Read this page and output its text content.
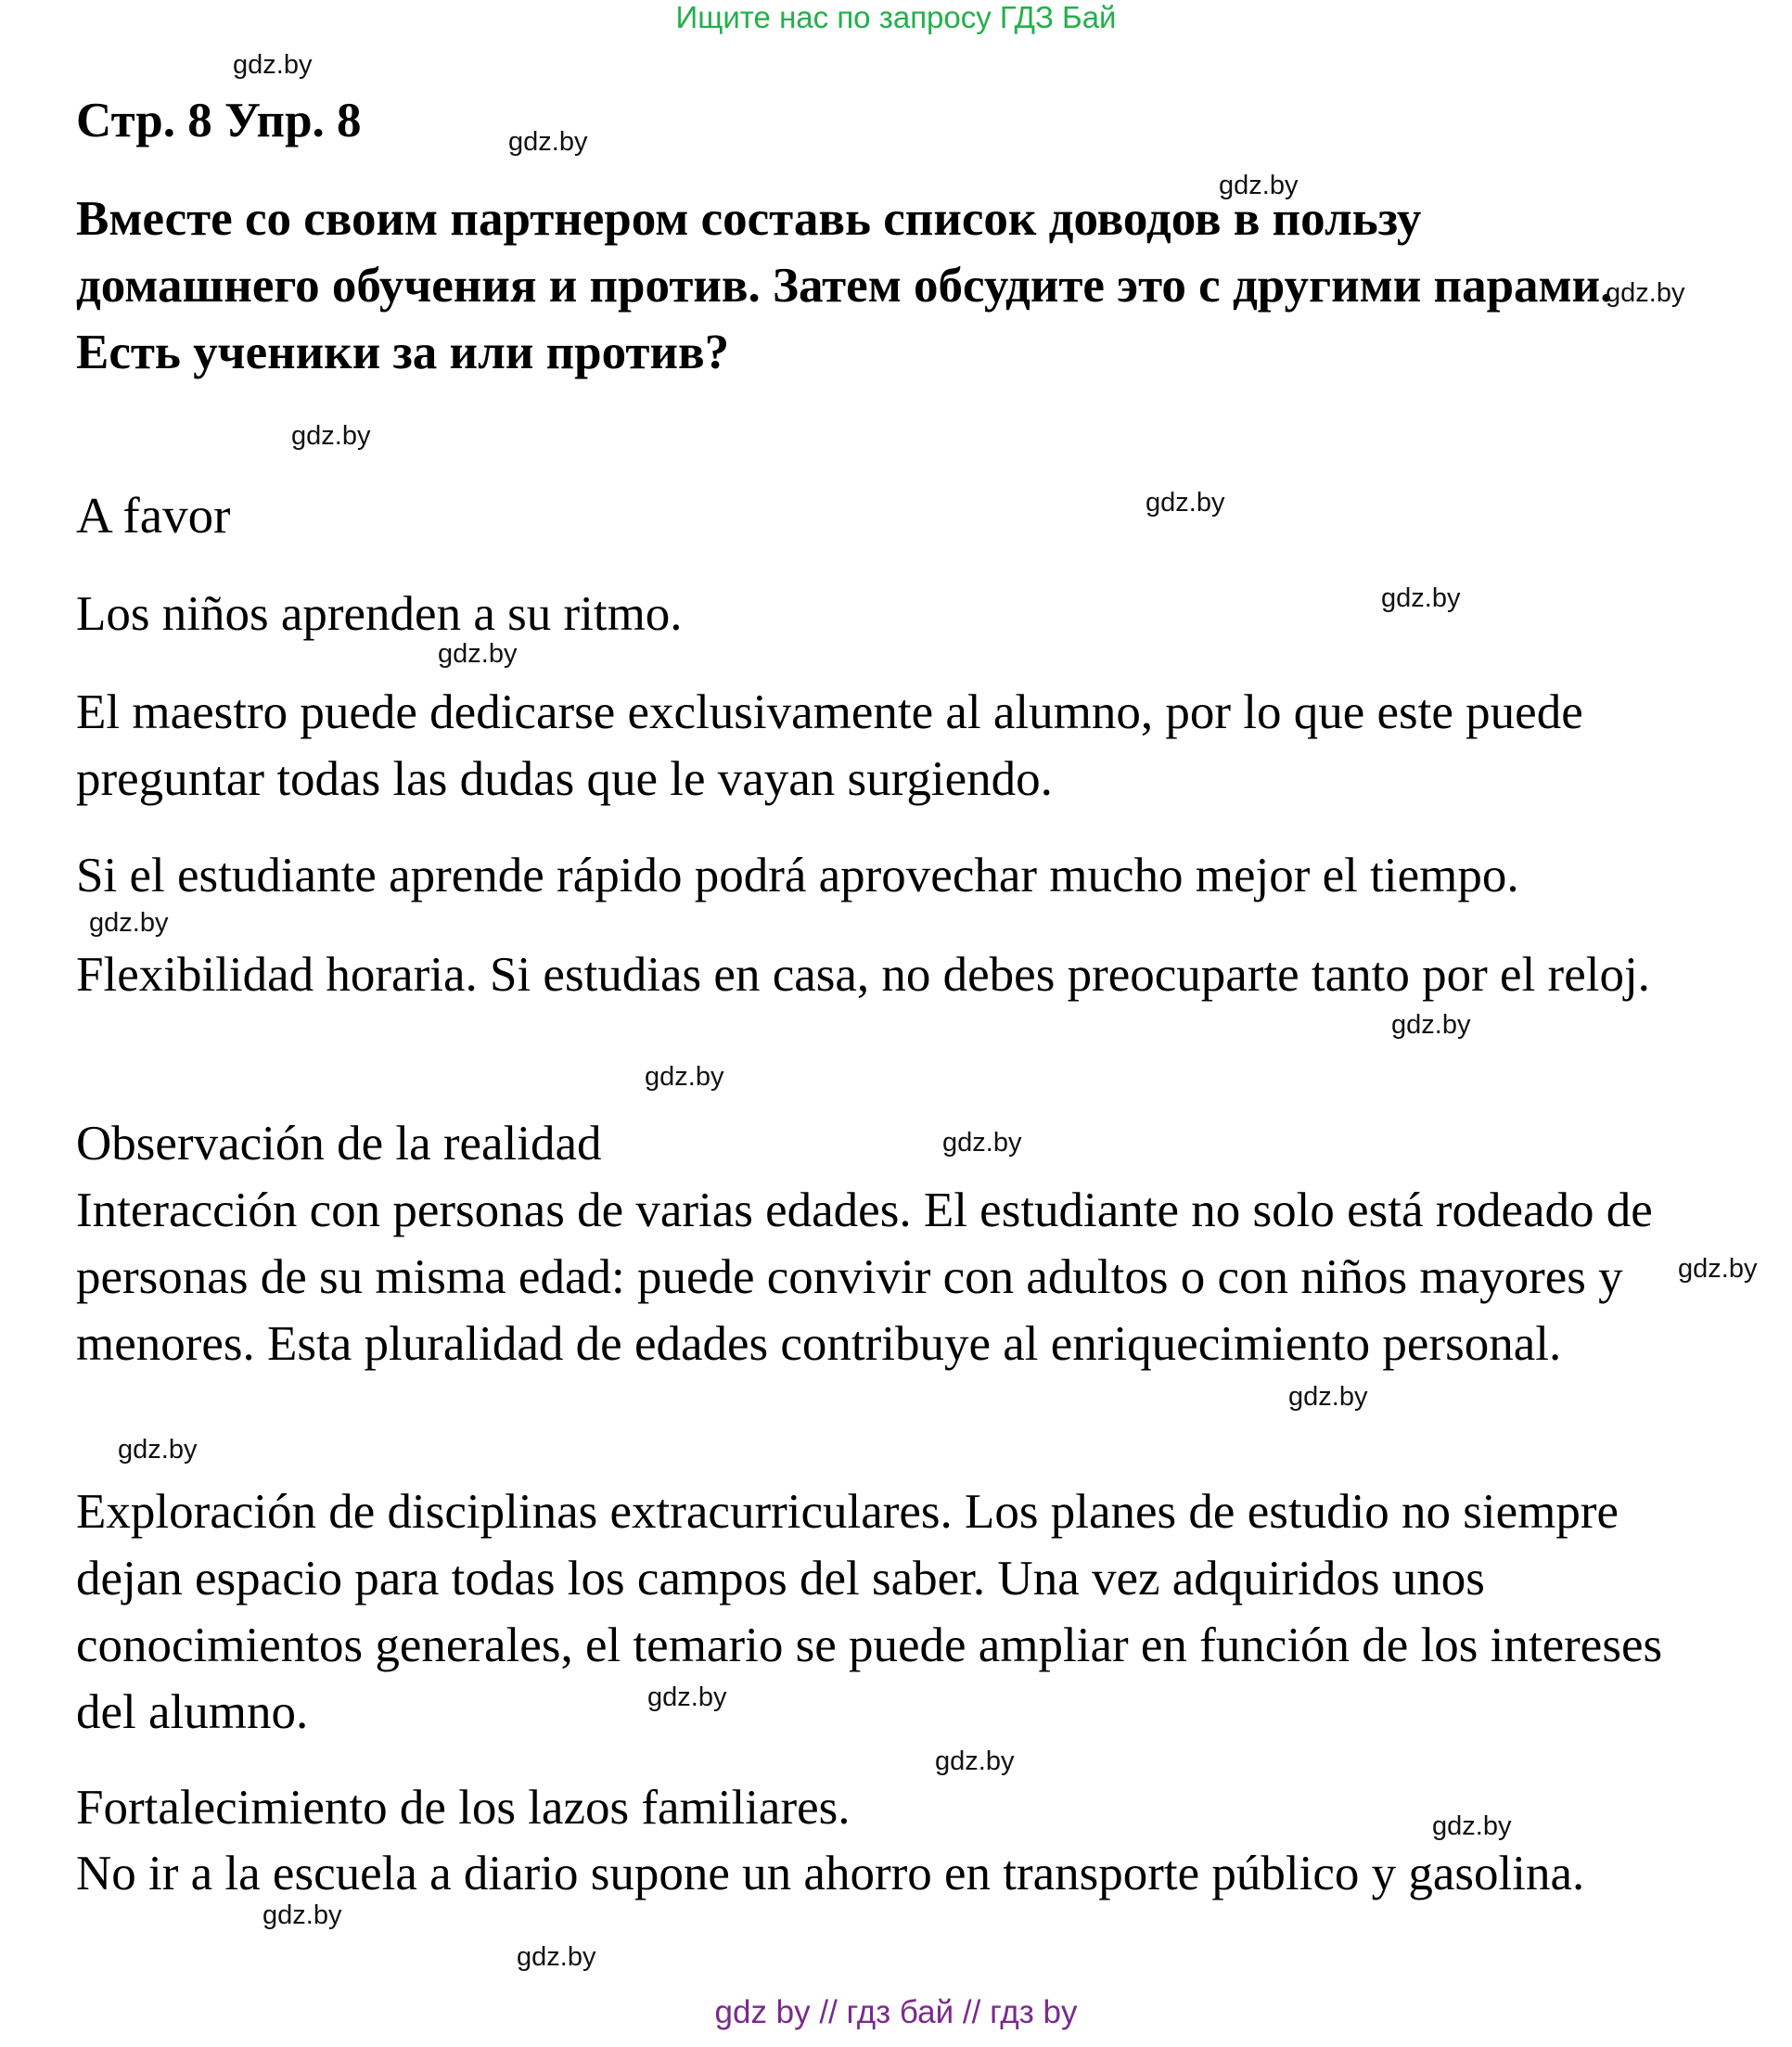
Ищите нас по запросу ГДЗ Бай
Стр. 8 Упр. 8

Вместе со своим партнером составь список доводов в пользу домашнего обучения и против. Затем обсудите это с другими парами. Есть ученики за или против?

A favor

Los niños aprenden a su ritmo.

El maestro puede dedicarse exclusivamente al alumno, por lo que este puede preguntar todas las dudas que le vayan surgiendo.

Si el estudiante aprende rápido podrá aprovechar mucho mejor el tiempo.

Flexibilidad horaria. Si estudias en casa, no debes preocuparte tanto por el reloj.

Observación de la realidad

Interacción con personas de varias edades. El estudiante no solo está rodeado de personas de su misma edad: puede convivir con adultos o con niños mayores y menores. Esta pluralidad de edades contribuye al enriquecimiento personal.

Exploración de disciplinas extracurriculares. Los planes de estudio no siempre dejan espacio para todas los campos del saber. Una vez adquiridos unos conocimientos generales, el temario se puede ampliar en función de los intereses del alumno.

Fortalecimiento de los lazos familiares.

No ir a la escuela a diario supone un ahorro en transporte público y gasolina.

gdz.by
gdz.by
gdz.by
gdz.by
gdz.by
gdz.by
gdz.by
gdz.by
gdz.by
gdz.by
gdz.by
gdz.by
gdz.by
gdz.by
gdz.by
gdz.by
gdz.by
gdz.by
gdz.by
gdz.by
gdz by // гдз бай // гдз by
